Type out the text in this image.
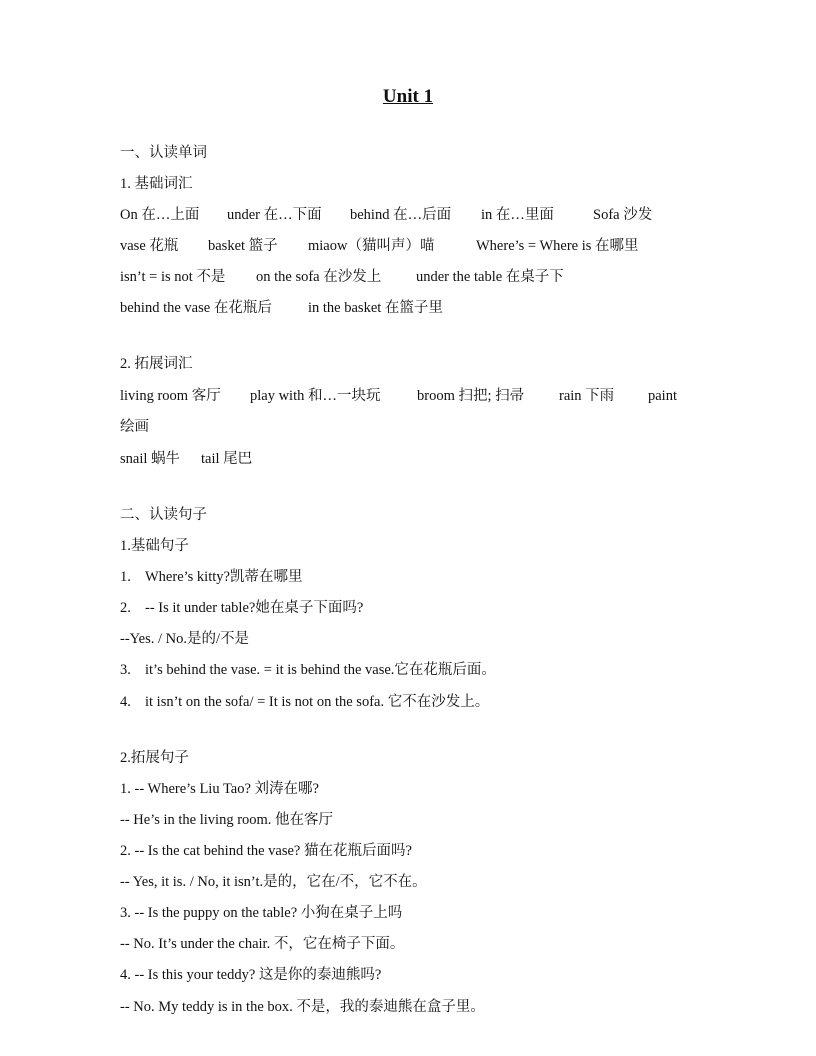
Unit 1
一、认读单词
1. 基础词汇
On 在…上面 under 在…下面 behind 在…后面 in 在…里面	Sofa 沙发
vase 花瓶 basket 篮子 miaow（猫叫声）喵	Where’s = Where is 在哪里
isn’t = is not 不是 on the sofa 在沙发上 under the table 在桌子下
behind the vase 在花瓶后 in the basket 在篮子里
2. 拓展词汇
living room 客厅 play with 和…一块玩	broom 扫把; 扫帚 rain 下雨 paint
绘画
snail 蜗牛 tail 尾巴
二、认读句子
1.基础句子
1. Where’s kitty?凯蒂在哪里
2. -- Is it under table?她在桌子下面吗?
--Yes. / No.是的/不是
3. it’s behind the vase. = it is behind the vase.它在花瓶后面。
4. it isn’t on the sofa/ = It is not on the sofa. 它不在沙发上。
2.拓展句子
1. -- Where’s Liu Tao? 刘涛在哪?
-- He’s in the living room. 他在客厅
2. -- Is the cat behind the vase? 猫在花瓶后面吗?
-- Yes, it is. / No, it isn’t.是的，它在/不，它不在。
3. -- Is the puppy on the table? 小狗在桌子上吗
-- No. It’s under the chair. 不，它在椅子下面。
4. -- Is this your teddy? 这是你的泰迪熊吗?
-- No. My teddy is in the box. 不是，我的泰迪熊在盒子里。
